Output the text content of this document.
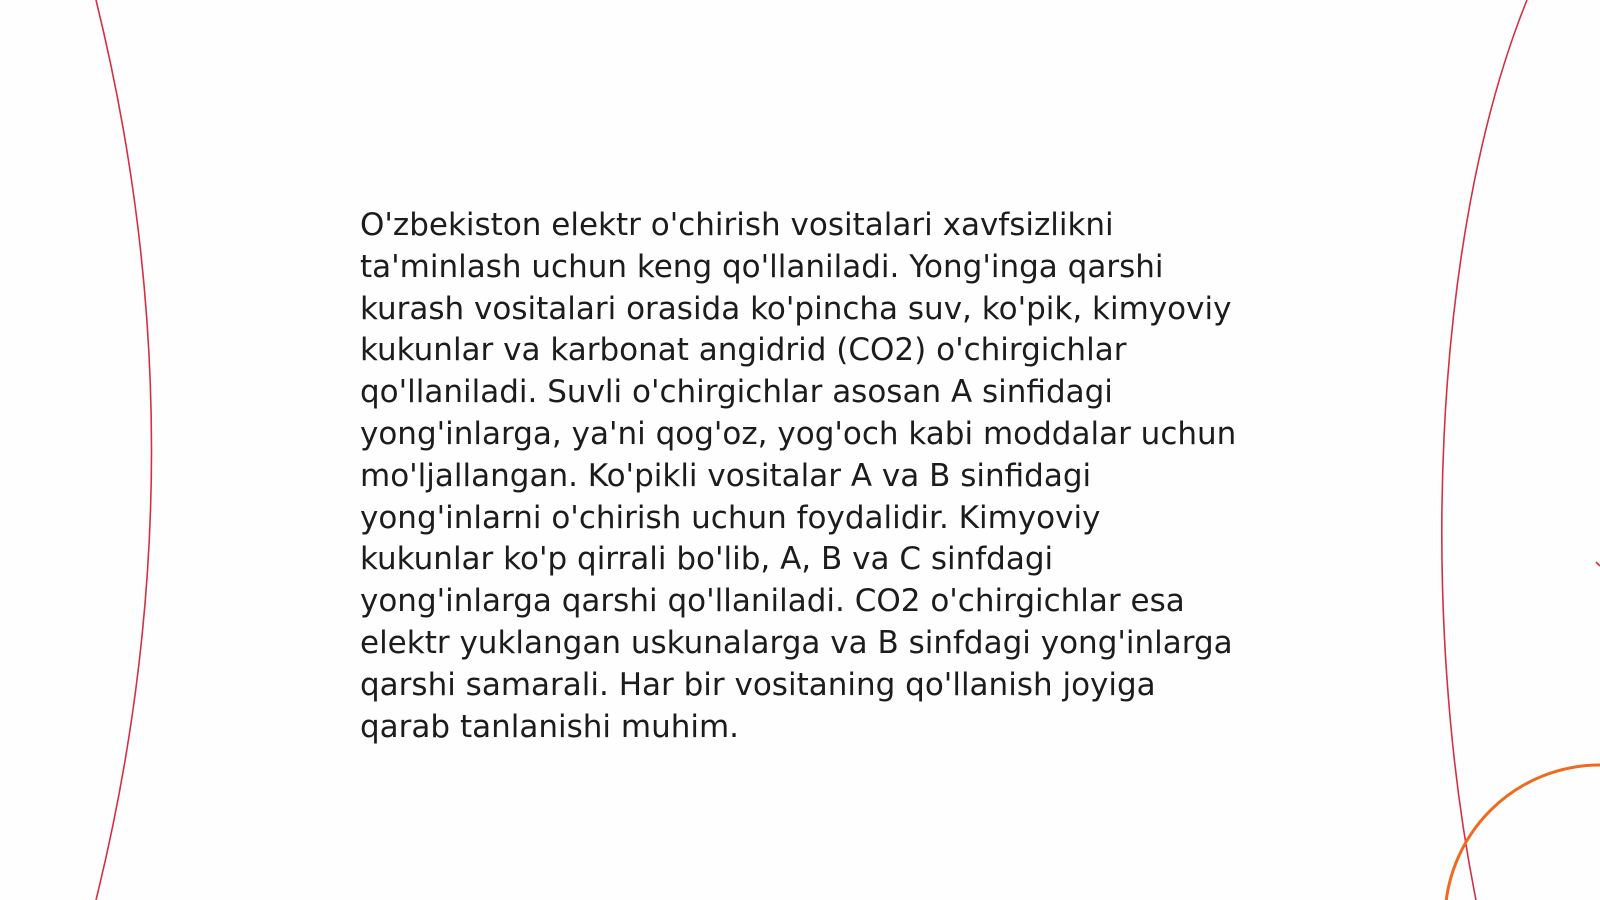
O'zbekiston elektr o'chirish vositalari xavfsizlikni ta'minlash uchun keng qo'llaniladi. Yong'inga qarshi kurash vositalari orasida ko'pincha suv, ko'pik, kimyoviy kukunlar va karbonat angidrid (CO2) o'chirgichlar qo'llaniladi. Suvli o'chirgichlar asosan A sinfidagi yong'inlarga, ya'ni qog'oz, yog'och kabi moddalar uchun mo'ljallangan. Ko'pikli vositalar A va B sinfidagi yong'inlarni o'chirish uchun foydalidir. Kimyoviy kukunlar ko'p qirrali bo'lib, A, B va C sinfdagi yong'inlarga qarshi qo'llaniladi. CO2 o'chirgichlar esa elektr yuklangan uskunalarga va B sinfdagi yong'inlarga qarshi samarali. Har bir vositaning qo'llanish joyiga qarab tanlanishi muhim.
